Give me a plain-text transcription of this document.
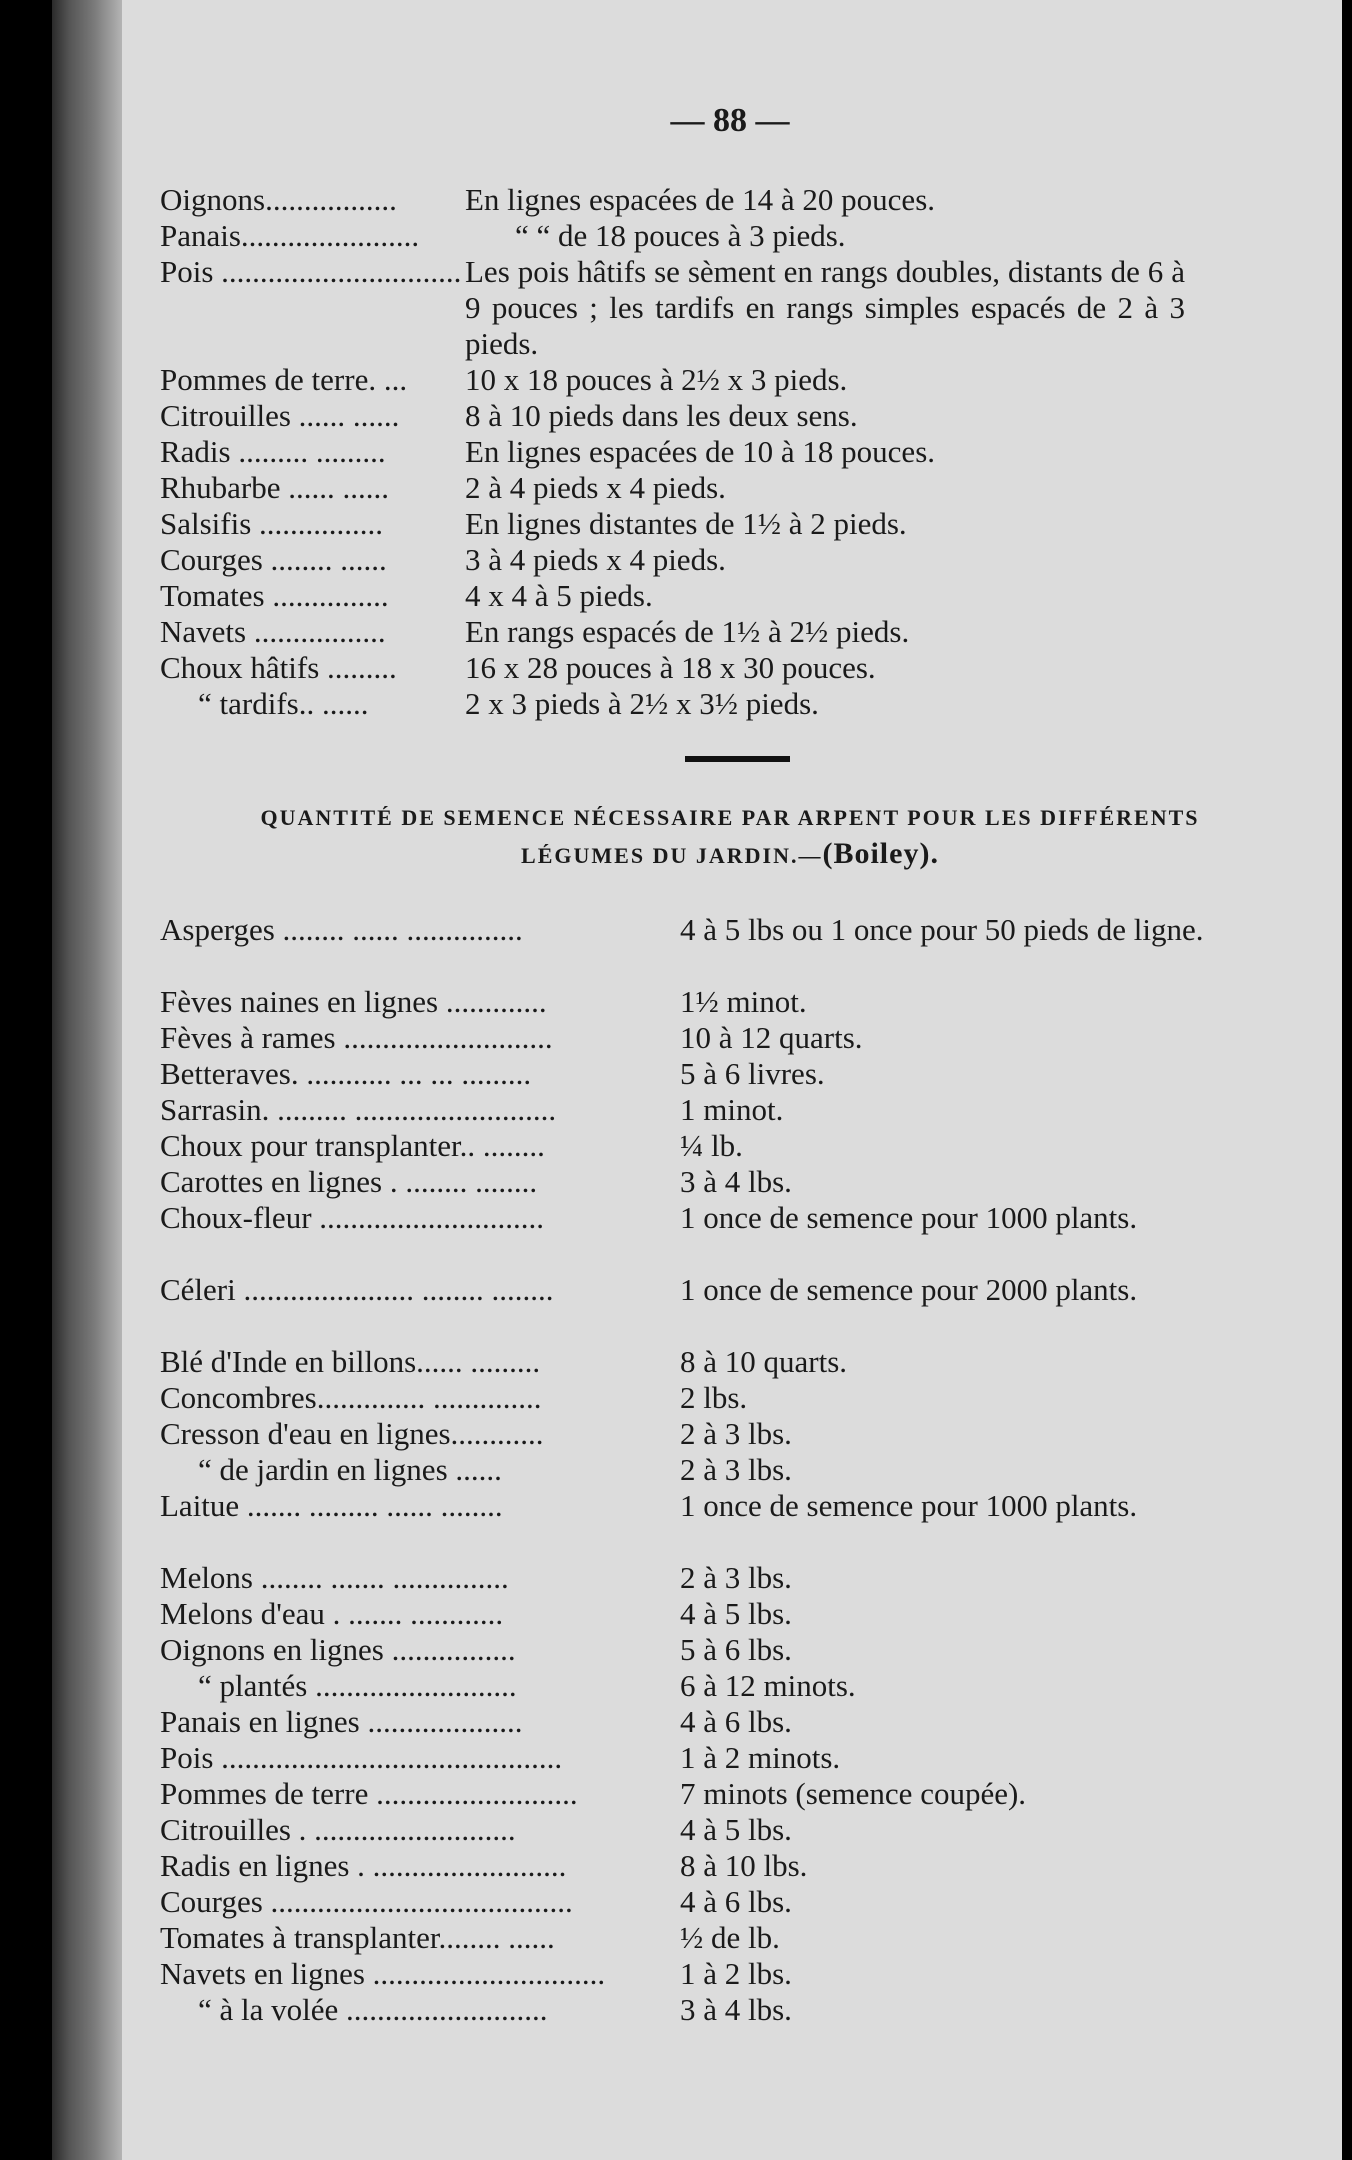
— 88 —
Oignons................. En lignes espacées de 14 à 20 pouces.
Panais.......................	“ “ de 18 pouces à 3 pieds.
Pois ............................... Les pois hâtifs se sèment en rangs doubles, distants de 6 à 9 pouces ; les tardifs en rangs simples espacés de 2 à 3 pieds.
Pommes de terre. ... 10 x 18 pouces à 2½ x 3 pieds.
Citrouilles ...... ...... 8 à 10 pieds dans les deux sens.
Radis ......... .........	En lignes espacées de 10 à 18 pouces.
Rhubarbe ...... ...... 2 à 4 pieds x 4 pieds.
Salsifis ................	En lignes distantes de 1½ à 2 pieds.
Courges ........ ......	3 à 4 pieds x 4 pieds.
Tomates ............... 4 x 4 à 5 pieds.
Navets .................	En rangs espacés de 1½ à 2½ pieds.
Choux hâtifs ......... 16 x 28 pouces à 18 x 30 pouces.
“ tardifs.. ......	2 x 3 pieds à 2½ x 3½ pieds.
QUANTITÉ DE SEMENCE NÉCESSAIRE PAR ARPENT POUR LES DIFFÉRENTS
LÉGUMES DU JARDIN.—(Boiley).
Asperges ........ ...... ...............	4 à 5 lbs ou 1 once pour 50 pieds de ligne.
Fèves naines en lignes .............	1½ minot.
Fèves à rames ...........................	10 à 12 quarts.
Betteraves. ........... ... ... .........	5 à 6 livres.
Sarrasin. ......... ..........................	1 minot.
Choux pour transplanter.. ........	¼ lb.
Carottes en lignes . ........ ........	3 à 4 lbs.
Choux-fleur .............................	1 once de semence pour 1000 plants.
Céleri ...................... ........ ........	1 once de semence pour 2000 plants.
Blé d'Inde en billons...... .........	8 à 10 quarts.
Concombres.............. ..............	2 lbs.
Cresson d'eau en lignes............	2 à 3 lbs.
“ de jardin en lignes ......	2 à 3 lbs.
Laitue ....... ......... ...... ........	1 once de semence pour 1000 plants.
Melons ........ ....... ...............	2 à 3 lbs.
Melons d'eau . ....... ............	4 à 5 lbs.
Oignons en lignes ................	5 à 6 lbs.
“ plantés ..........................	6 à 12 minots.
Panais en lignes ....................	4 à 6 lbs.
Pois ............................................	1 à 2 minots.
Pommes de terre ..........................	7 minots (semence coupée).
Citrouilles . ..........................	4 à 5 lbs.
Radis en lignes . .........................	8 à 10 lbs.
Courges .......................................	4 à 6 lbs.
Tomates à transplanter........ ......	½ de lb.
Navets en lignes .............................. 1 à 2 lbs.
“ à la volée ..........................	3 à 4 lbs.
